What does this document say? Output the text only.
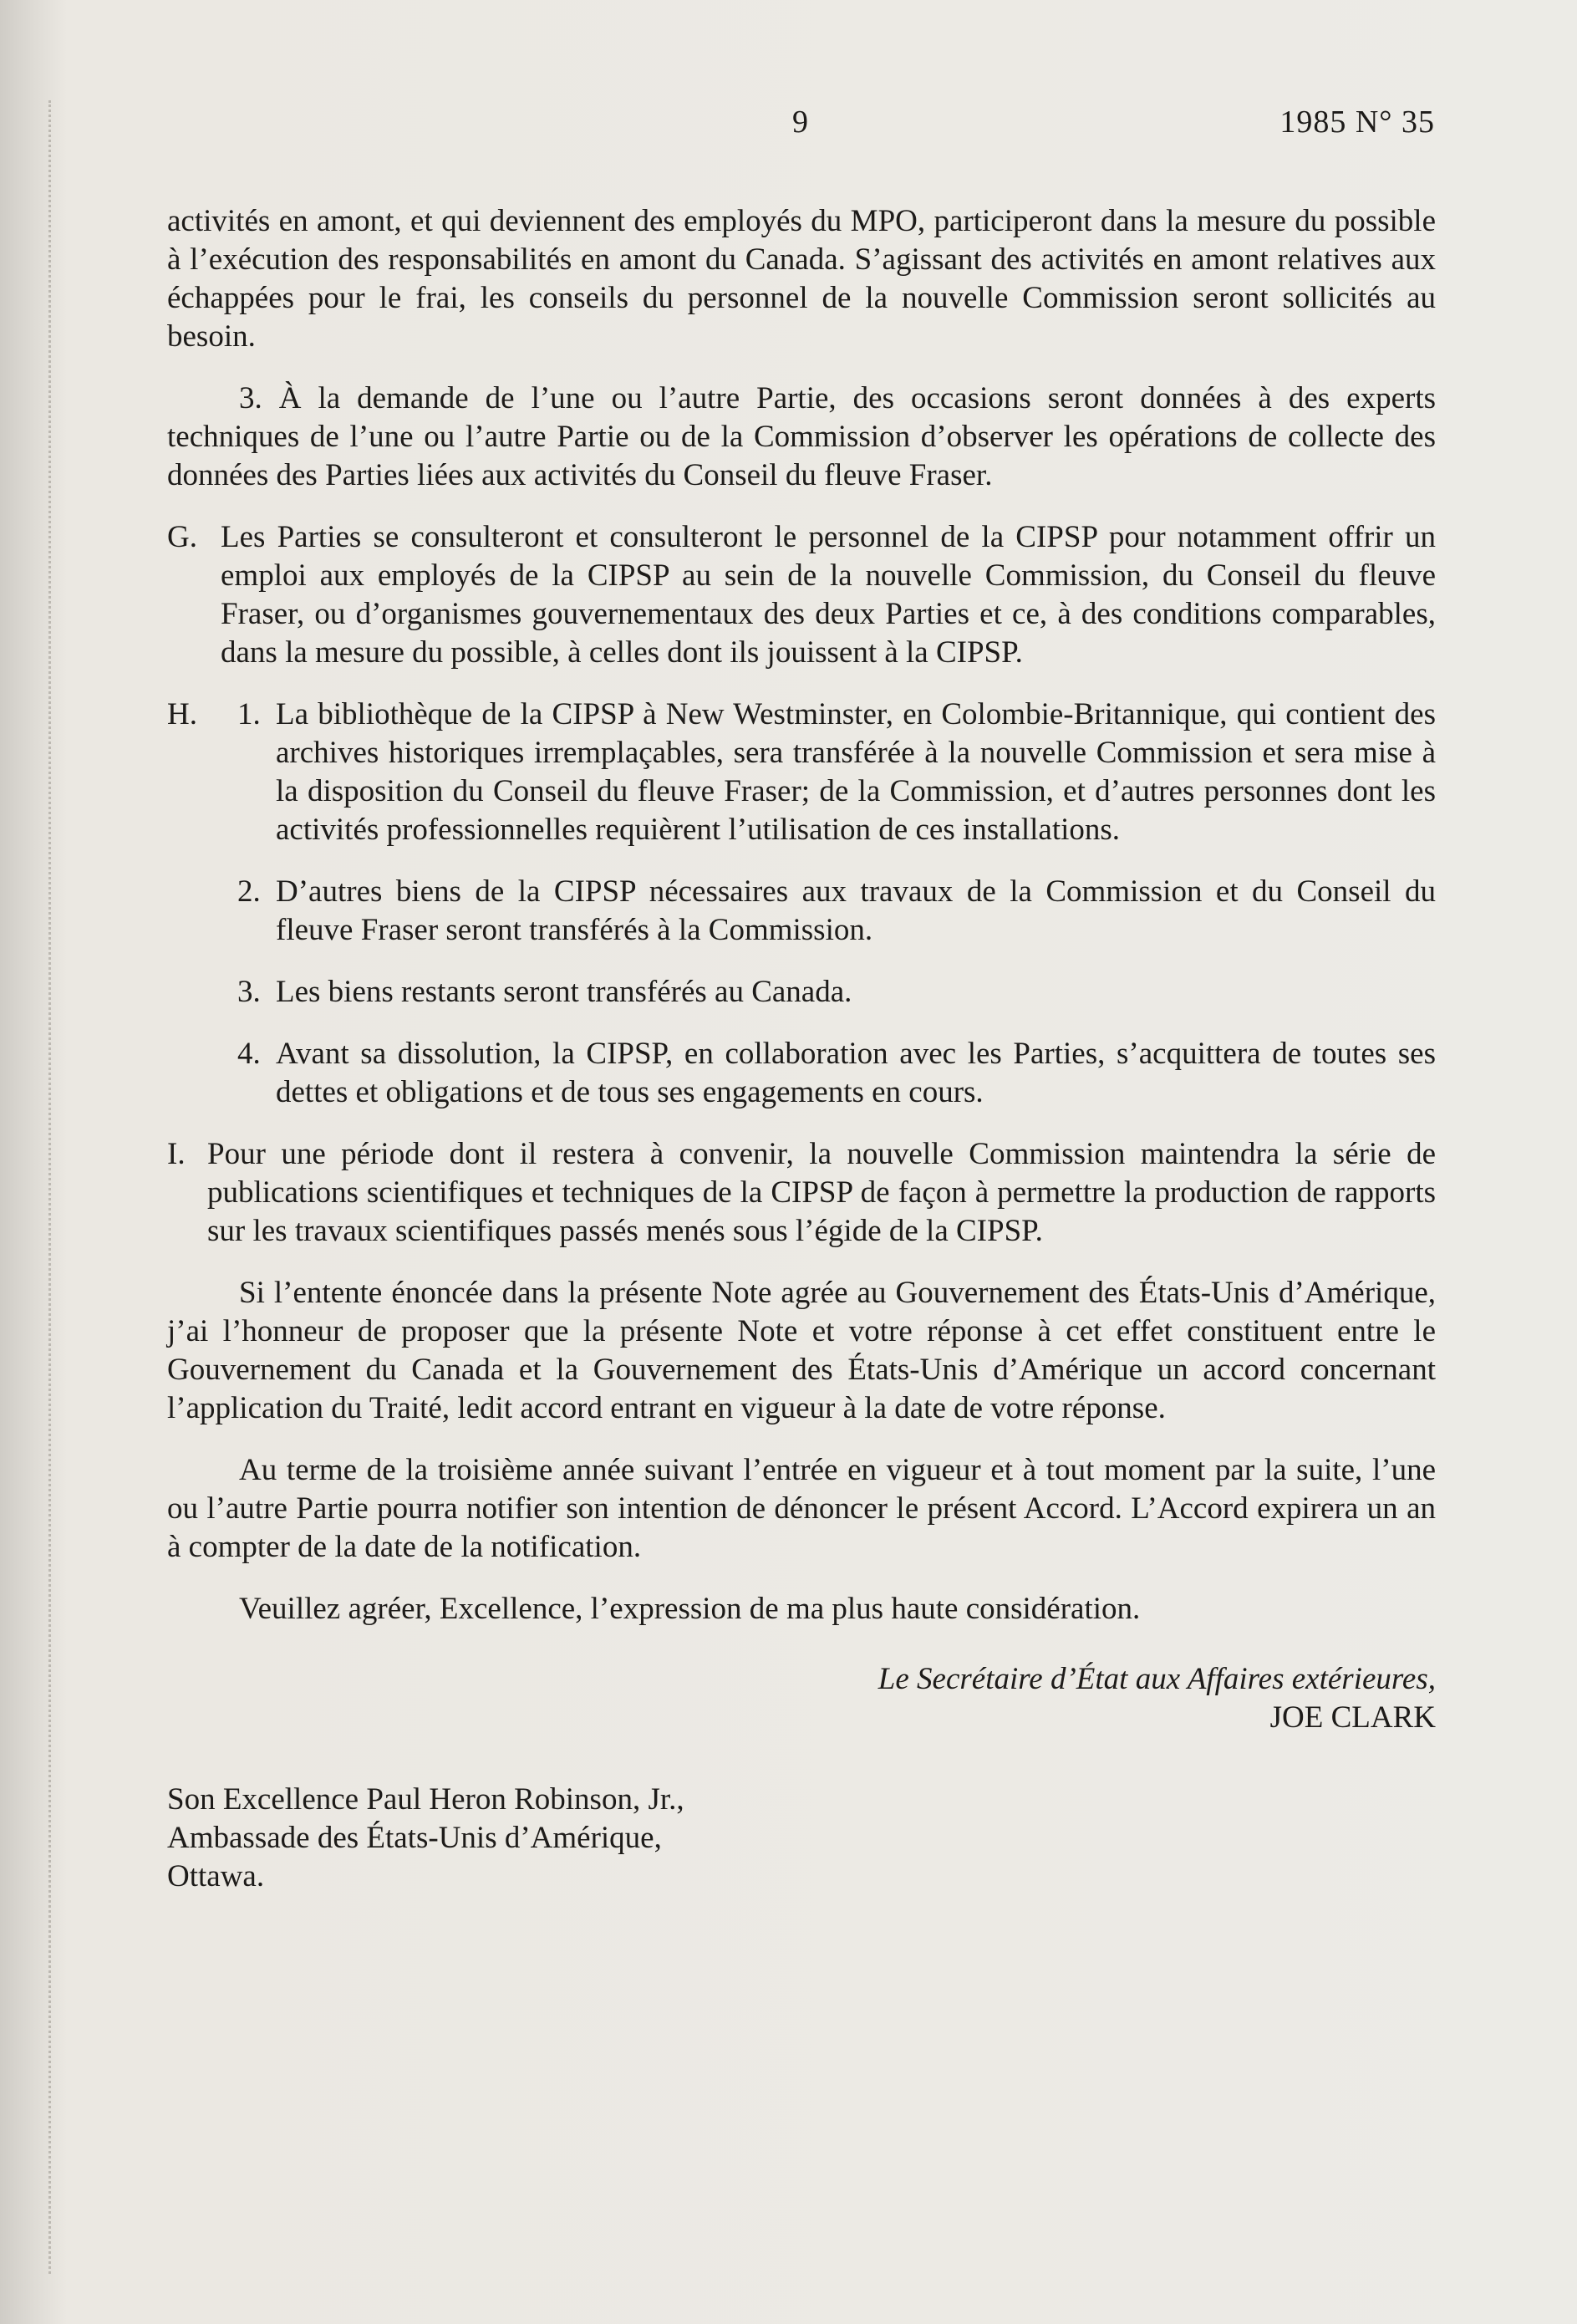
9	1985 N° 35

activités en amont, et qui deviennent des employés du MPO, participeront dans la mesure du possible à l’exécution des responsabilités en amont du Canada. S’agissant des activités en amont relatives aux échappées pour le frai, les conseils du personnel de la nouvelle Commission seront sollicités au besoin.

3. À la demande de l’une ou l’autre Partie, des occasions seront données à des experts techniques de l’une ou l’autre Partie ou de la Commission d’observer les opérations de collecte des données des Parties liées aux activités du Conseil du fleuve Fraser.

G. Les Parties se consulteront et consulteront le personnel de la CIPSP pour notamment offrir un emploi aux employés de la CIPSP au sein de la nouvelle Commission, du Conseil du fleuve Fraser, ou d’organismes gouvernementaux des deux Parties et ce, à des conditions comparables, dans la mesure du possible, à celles dont ils jouissent à la CIPSP.
H. 1. La bibliothèque de la CIPSP à New Westminster, en Colombie-Britannique, qui contient des archives historiques irremplaçables, sera transférée à la nouvelle Commission et sera mise à la disposition du Conseil du fleuve Fraser; de la Commission, et d’autres personnes dont les activités professionnelles requièrent l’utilisation de ces installations.
2. D’autres biens de la CIPSP nécessaires aux travaux de la Commission et du Conseil du fleuve Fraser seront transférés à la Commission.
3. Les biens restants seront transférés au Canada.
4. Avant sa dissolution, la CIPSP, en collaboration avec les Parties, s’acquittera de toutes ses dettes et obligations et de tous ses engagements en cours.
I. Pour une période dont il restera à convenir, la nouvelle Commission maintendra la série de publications scientifiques et techniques de la CIPSP de façon à permettre la production de rapports sur les travaux scientifiques passés menés sous l’égide de la CIPSP.

Si l’entente énoncée dans la présente Note agrée au Gouvernement des États-Unis d’Amérique, j’ai l’honneur de proposer que la présente Note et votre réponse à cet effet constituent entre le Gouvernement du Canada et la Gouvernement des États-Unis d’Amérique un accord concernant l’application du Traité, ledit accord entrant en vigueur à la date de votre réponse.

Au terme de la troisième année suivant l’entrée en vigueur et à tout moment par la suite, l’une ou l’autre Partie pourra notifier son intention de dénoncer le présent Accord. L’Accord expirera un an à compter de la date de la notification.

Veuillez agréer, Excellence, l’expression de ma plus haute considération.

Le Secrétaire d’État aux Affaires extérieures,
JOE CLARK
Son Excellence Paul Heron Robinson, Jr.,
Ambassade des États-Unis d’Amérique,
Ottawa.
